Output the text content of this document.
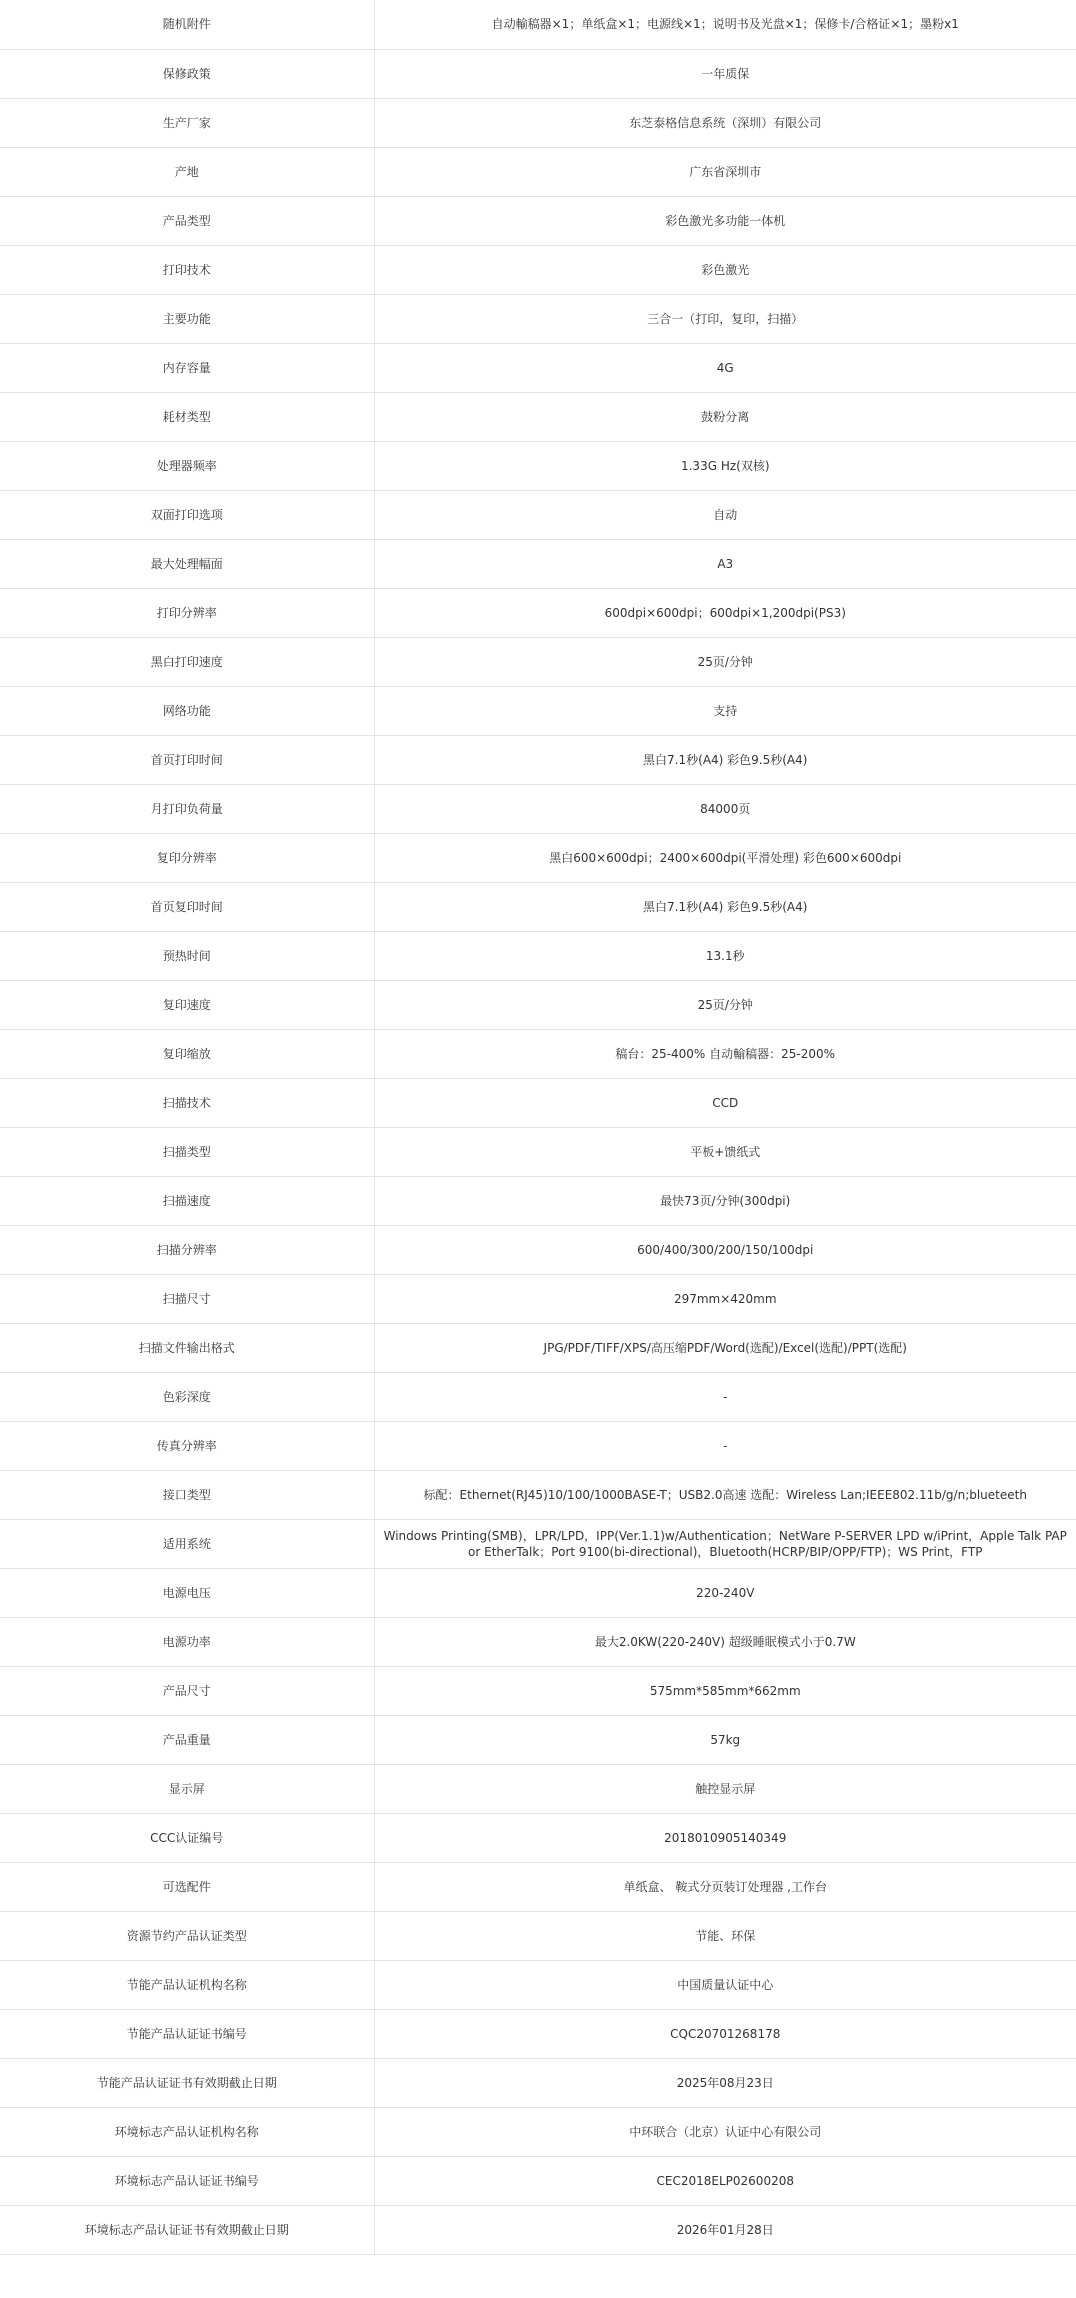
随机附件	自动輸稿器×1；单纸盒×1；电源线×1；说明书及光盘×1；保修卡/合格证×1；墨粉x1
保修政策	一年质保
生产厂家	东芝泰格信息系统（深圳）有限公司
产地	广东省深圳市
产品类型	彩色激光多功能一体机
打印技术	彩色激光
主要功能	三合一（打印，复印，扫描）
内存容量	4G
耗材类型	鼓粉分离
处理器频率	1.33G Hz(双核)
双面打印选项	自动
最大处理幅面	A3
打印分辨率	600dpi×600dpi；600dpi×1,200dpi(PS3)
黑白打印速度	25页/分钟
网络功能	支持
首页打印时间	黑白7.1秒(A4) 彩色9.5秒(A4)
月打印负荷量	84000页
复印分辨率	黑白600×600dpi；2400×600dpi(平滑处理) 彩色600×600dpi
首页复印时间	黑白7.1秒(A4) 彩色9.5秒(A4)
预热时间	13.1秒
复印速度	25页/分钟
复印缩放	稿台：25-400% 自动輸稿器：25-200%
扫描技术	CCD
扫描类型	平板+馈纸式
扫描速度	最快73页/分钟(300dpi)
扫描分辨率	600/400/300/200/150/100dpi
扫描尺寸	297mm×420mm
扫描文件输出格式	JPG/PDF/TIFF/XPS/高压缩PDF/Word(选配)/Excel(选配)/PPT(选配)
色彩深度	-
传真分辨率	-
接口类型	标配：Ethernet(RJ45)10/100/1000BASE-T；USB2.0高速 选配：Wireless Lan;IEEE802.11b/g/n;blueteeth
适用系统	Windows Printing(SMB)，LPR/LPD，IPP(Ver.1.1)w/Authentication；NetWare P-SERVER LPD w/iPrint，Apple Talk PAP or EtherTalk；Port 9100(bi-directional)，Bluetooth(HCRP/BIP/OPP/FTP)；WS Print，FTP
电源电压	220-240V
电源功率	最大2.0KW(220-240V) 超级睡眠模式小于0.7W
产品尺寸	575mm*585mm*662mm
产品重量	57kg
显示屏	触控显示屏
CCC认证编号	2018010905140349
可选配件	单纸盒、 鞍式分页装订处理器 ,工作台
资源节约产品认证类型	节能、环保
节能产品认证机构名称	中国质量认证中心
节能产品认证证书编号	CQC20701268178
节能产品认证证书有效期截止日期	2025年08月23日
环境标志产品认证机构名称	中环联合（北京）认证中心有限公司
环境标志产品认证证书编号	CEC2018ELP02600208
环境标志产品认证证书有效期截止日期	2026年01月28日
